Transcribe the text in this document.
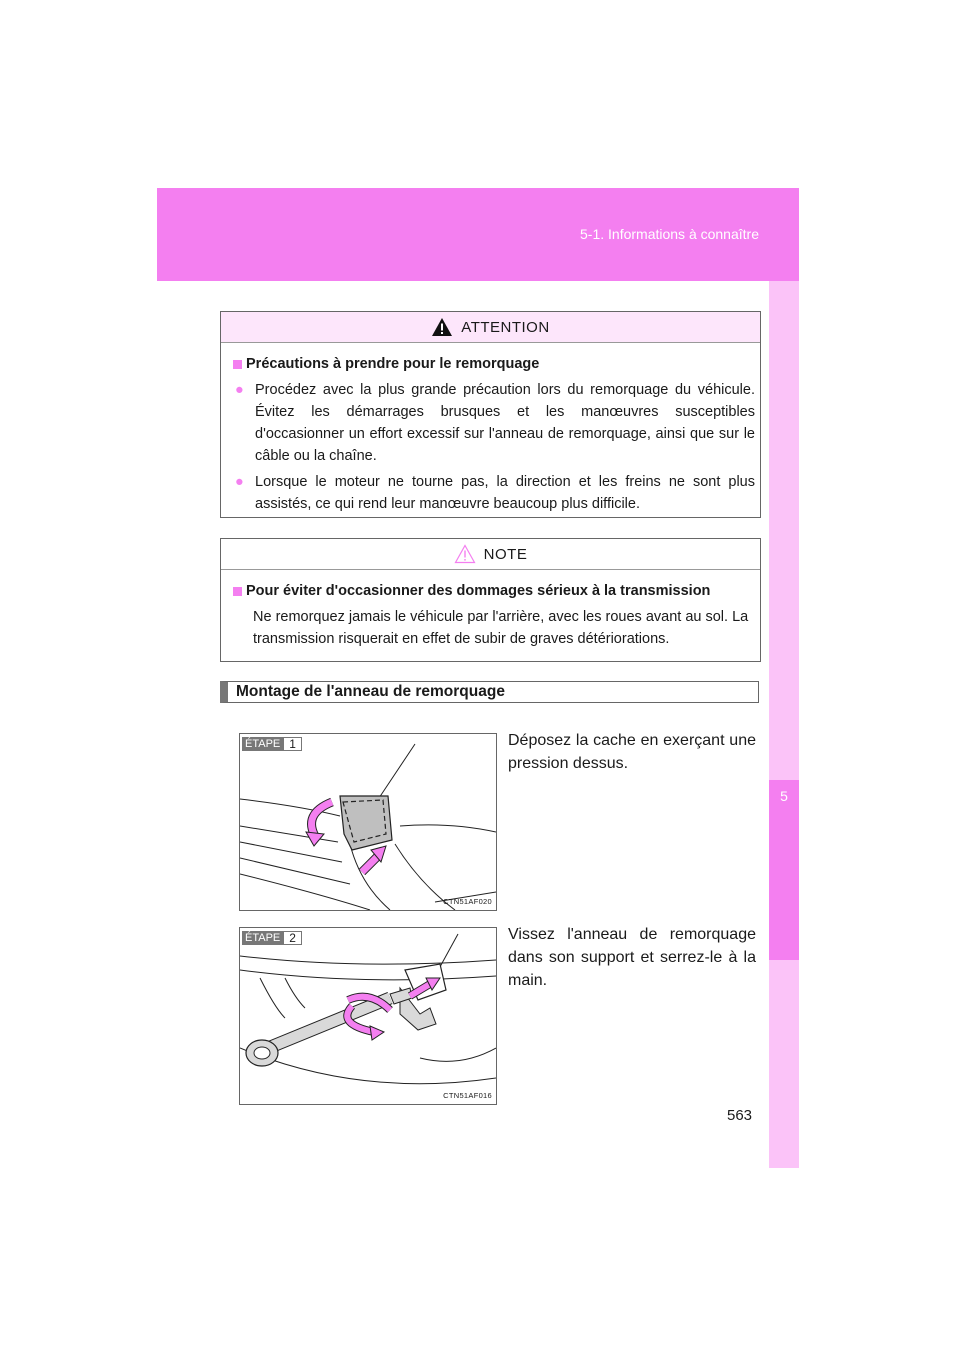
5-1. Informations à connaître
5
En cas de problème
ATTENTION
Précautions à prendre pour le remorquage
● Procédez avec la plus grande précaution lors du remorquage du véhicule. Évitez les démarrages brusques et les manœuvres susceptibles d'occasionner un effort excessif sur l'anneau de remorquage, ainsi que sur le câble ou la chaîne.
● Lorsque le moteur ne tourne pas, la direction et les freins ne sont plus assistés, ce qui rend leur manœuvre beaucoup plus difficile.
NOTE
Pour éviter d'occasionner des dommages sérieux à la transmission
Ne remorquez jamais le véhicule par l'arrière, avec les roues avant au sol. La transmission risquerait en effet de subir de graves détériorations.
Montage de l'anneau de remorquage
ÉTAPE 1
CTN51AF020
Déposez la cache en exerçant une pression dessus.
ÉTAPE 2
CTN51AF016
Vissez l'anneau de remorquage dans son support et serrez-le à la main.
563
